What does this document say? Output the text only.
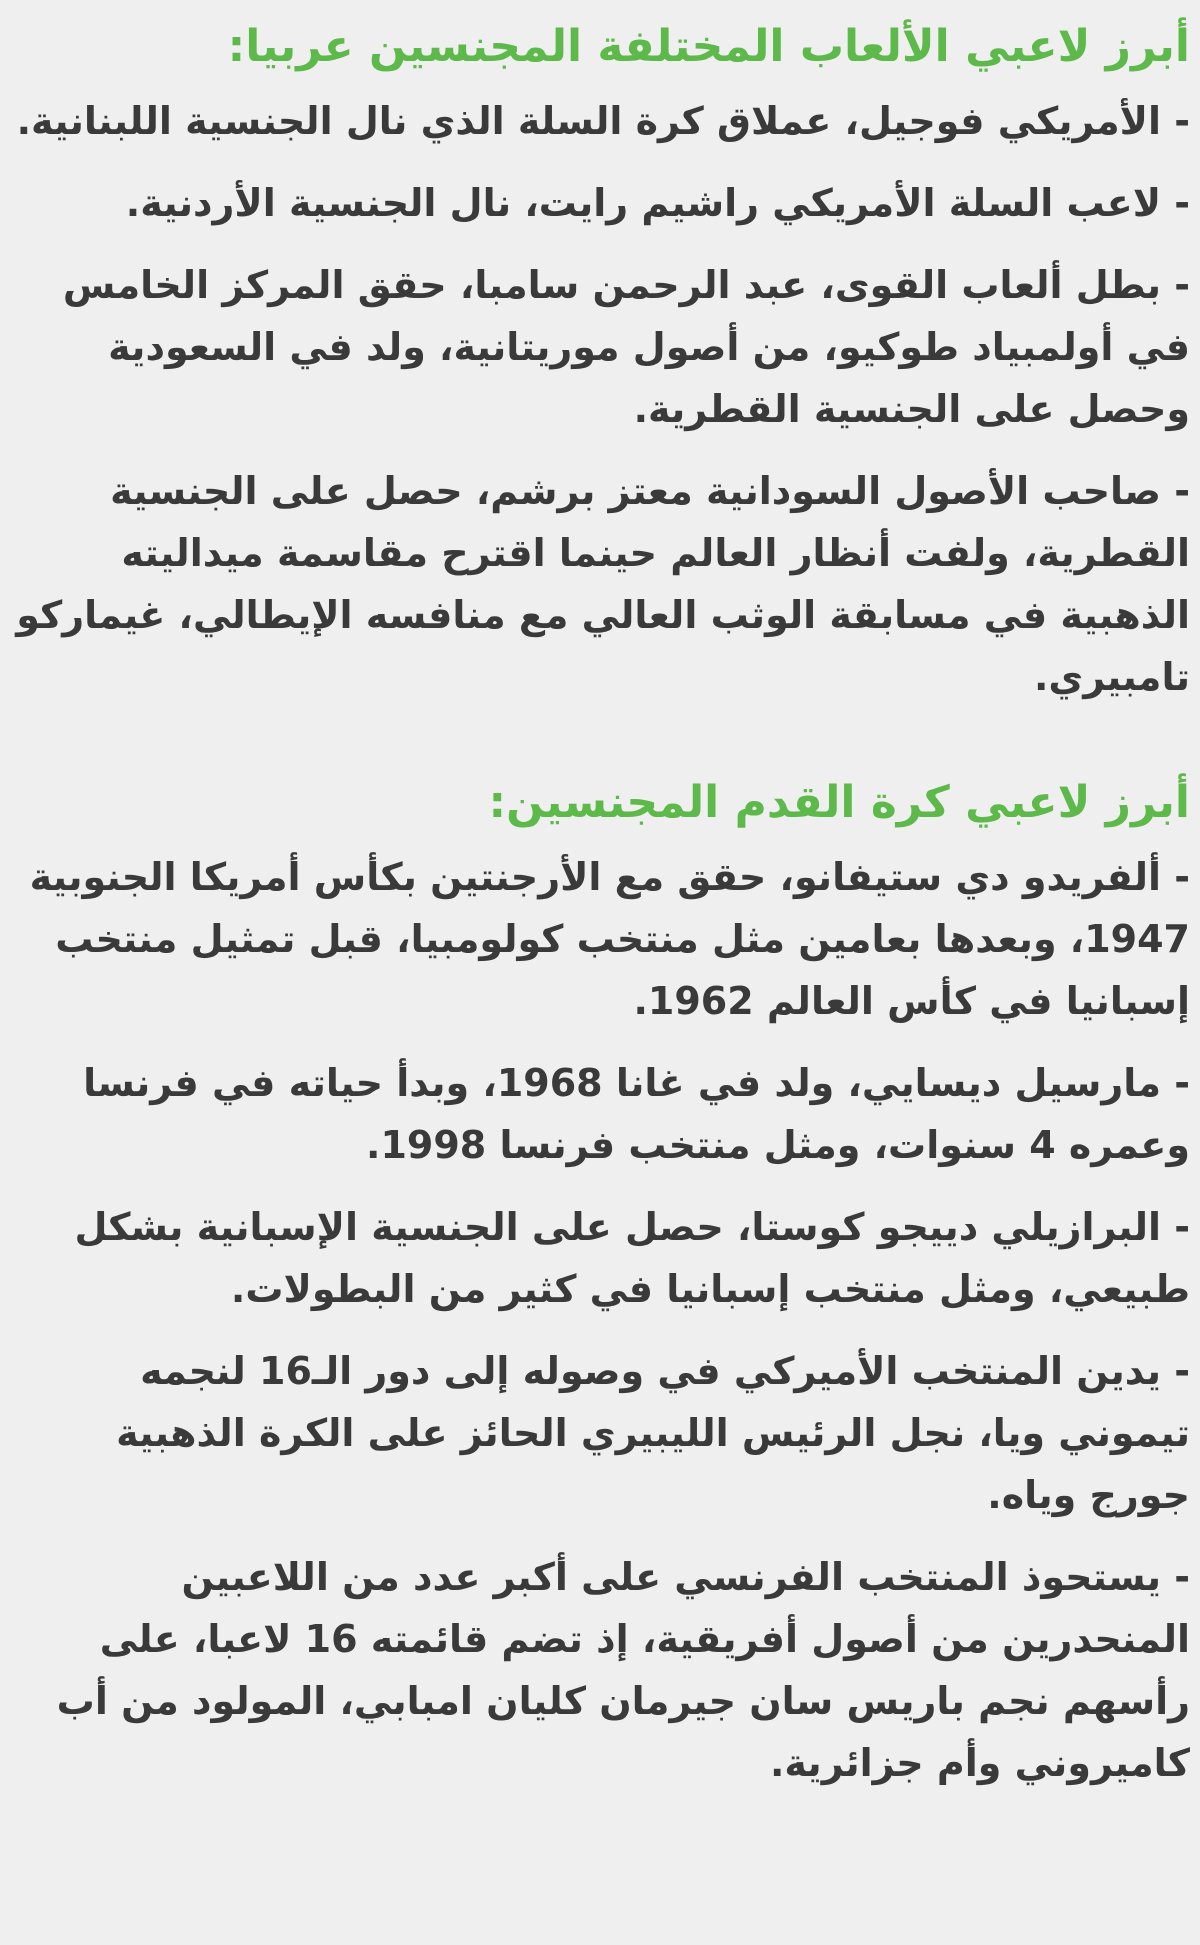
أبرز لاعبي الألعاب المختلفة المجنسين عربيا:
- الأمريكي فوجيل، عملاق كرة السلة الذي نال الجنسية اللبنانية.
- لاعب السلة الأمريكي راشيم رايت، نال الجنسية الأردنية.
- بطل ألعاب القوى، عبد الرحمن سامبا، حقق المركز الخامس في أولمبياد طوكيو، من أصول موريتانية، ولد في السعودية وحصل على الجنسية القطرية.
- صاحب الأصول السودانية معتز برشم، حصل على الجنسية القطرية، ولفت أنظار العالم حينما اقترح مقاسمة ميداليته الذهبية في مسابقة الوثب العالي مع منافسه الإيطالي، غيماركو تامبيري.
أبرز لاعبي كرة القدم المجنسين:
- ألفريدو دي ستيفانو، حقق مع الأرجنتين بكأس أمريكا الجنوبية 1947، وبعدها بعامين مثل منتخب كولومبيا، قبل تمثيل منتخب إسبانيا في كأس العالم 1962.
- مارسيل ديسايي، ولد في غانا 1968، وبدأ حياته في فرنسا وعمره 4 سنوات، ومثل منتخب فرنسا 1998.
- البرازيلي دييجو كوستا، حصل على الجنسية الإسبانية بشكل طبيعي، ومثل منتخب إسبانيا في كثير من البطولات.
- يدين المنتخب الأميركي في وصوله إلى دور الـ16 لنجمه تيموني ويا، نجل الرئيس الليبيري الحائز على الكرة الذهبية جورج وياه.
- يستحوذ المنتخب الفرنسي على أكبر عدد من اللاعبين المنحدرين من أصول أفريقية، إذ تضم قائمته 16 لاعبا، على رأسهم نجم باريس سان جيرمان كليان امبابي، المولود من أب كاميروني وأم جزائرية.
